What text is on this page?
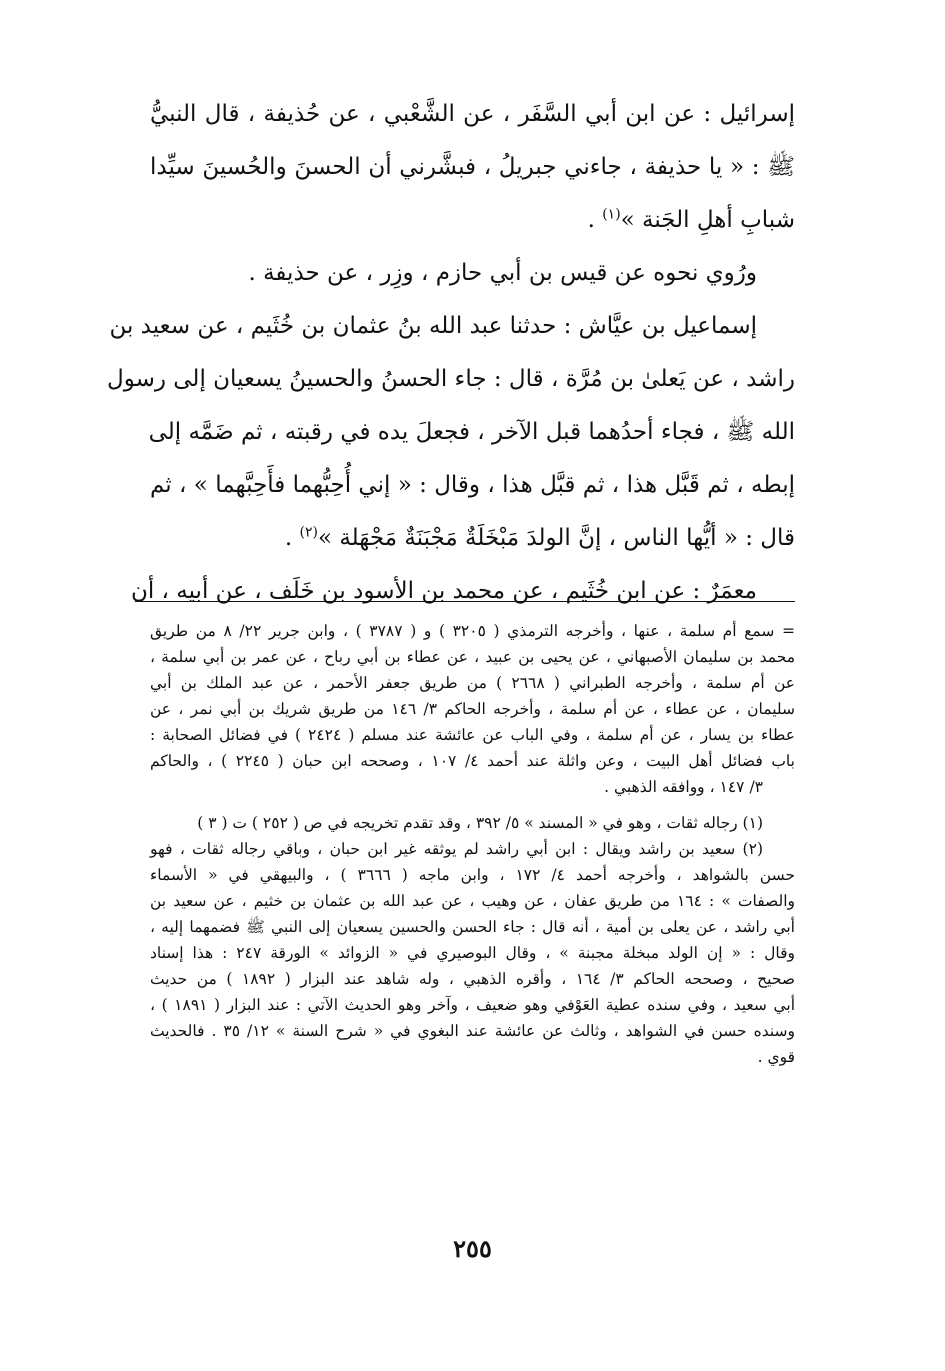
إسرائيل : عن ابن أبي السَّفَر ، عن الشَّعْبي ، عن حُذيفة ، قال النبيُّ
ﷺ : « يا حذيفة ، جاءني جبريلُ ، فبشَّرني أن الحسنَ والحُسينَ سيِّدا
شبابِ أهلِ الجَنة »$^{(١)}$ .
ورُوي نحوه عن قيس بن أبي حازم ، وزِر ، عن حذيفة .
إسماعيل بن عيَّاش : حدثنا عبد الله بنُ عثمان بن خُثَيم ، عن سعيد بن
راشد ، عن يَعلىٰ بن مُرَّة ، قال : جاء الحسنُ والحسينُ يسعيان إلى رسول
الله ﷺ ، فجاء أحدُهما قبل الآخر ، فجعلَ يده في رقبته ، ثم ضَمَّه إلى
إبطه ، ثم قَبَّل هذا ، ثم قبَّل هذا ، وقال : « إني أُحِبُّهما فأَحِبَّهما » ، ثم
قال : « أيُّها الناس ، إنَّ الولدَ مَبْخَلَةٌ مَجْبَنَةٌ مَجْهَلة »$^{(٢)}$ .
معمَرٌ : عن ابن خُثَيم ، عن محمد بن الأسود بن خَلَف ، عن أبيه ، أن
= سمع أم سلمة ، عنها ، وأخرجه الترمذي ( ٣٢٠٥ ) و ( ٣٧٨٧ ) ، وابن جرير ٢٢/ ٨ من طريق
محمد بن سليمان الأصبهاني ، عن يحيى بن عبيد ، عن عطاء بن أبي رباح ، عن عمر بن أبي سلمة ،
عن أم سلمة ، وأخرجه الطبراني ( ٢٦٦٨ ) من طريق جعفر الأحمر ، عن عبد الملك بن أبي
سليمان ، عن عطاء ، عن أم سلمة ، وأخرجه الحاكم ٣/ ١٤٦ من طريق شريك بن أبي نمر ، عن
عطاء بن يسار ، عن أم سلمة ، وفي الباب عن عائشة عند مسلم ( ٢٤٢٤ ) في فضائل الصحابة :
باب فضائل أهل البيت ، وعن واثلة عند أحمد ٤/ ١٠٧ ، وصححه ابن حبان ( ٢٢٤٥ ) ، والحاكم
٣/ ١٤٧ ، ووافقه الذهبي .
(١) رجاله ثقات ، وهو في « المسند » ٥/ ٣٩٢ ، وقد تقدم تخريجه في ص ( ٢٥٢ ) ت ( ٣ )
(٢) سعيد بن راشد ويقال : ابن أبي راشد لم يوثقه غير ابن حبان ، وباقي رجاله ثقات ، فهو
حسن بالشواهد ، وأخرجه أحمد ٤/ ١٧٢ ، وابن ماجه ( ٣٦٦٦ ) ، والبيهقي في « الأسماء
والصفات » : ١٦٤ من طريق عفان ، عن وهيب ، عن عبد الله بن عثمان بن خثيم ، عن سعيد بن
أبي راشد ، عن يعلى بن أمية ، أنه قال : جاء الحسن والحسين يسعيان إلى النبي ﷺ فضمهما إليه ،
وقال : « إن الولد مبخلة مجبنة » ، وقال البوصيري في « الزوائد » الورقة ٢٤٧ : هذا إسناد
صحيح ، وصححه الحاكم ٣/ ١٦٤ ، وأقره الذهبي ، وله شاهد عند البزار ( ١٨٩٢ ) من حديث
أبي سعيد ، وفي سنده عطية العَوْفي وهو ضعيف ، وآخر وهو الحديث الآتي : عند البزار ( ١٨٩١ ) ،
وسنده حسن في الشواهد ، وثالث عن عائشة عند البغوي في « شرح السنة » ١٢/ ٣٥ . فالحديث
قوي .
٢٥٥
